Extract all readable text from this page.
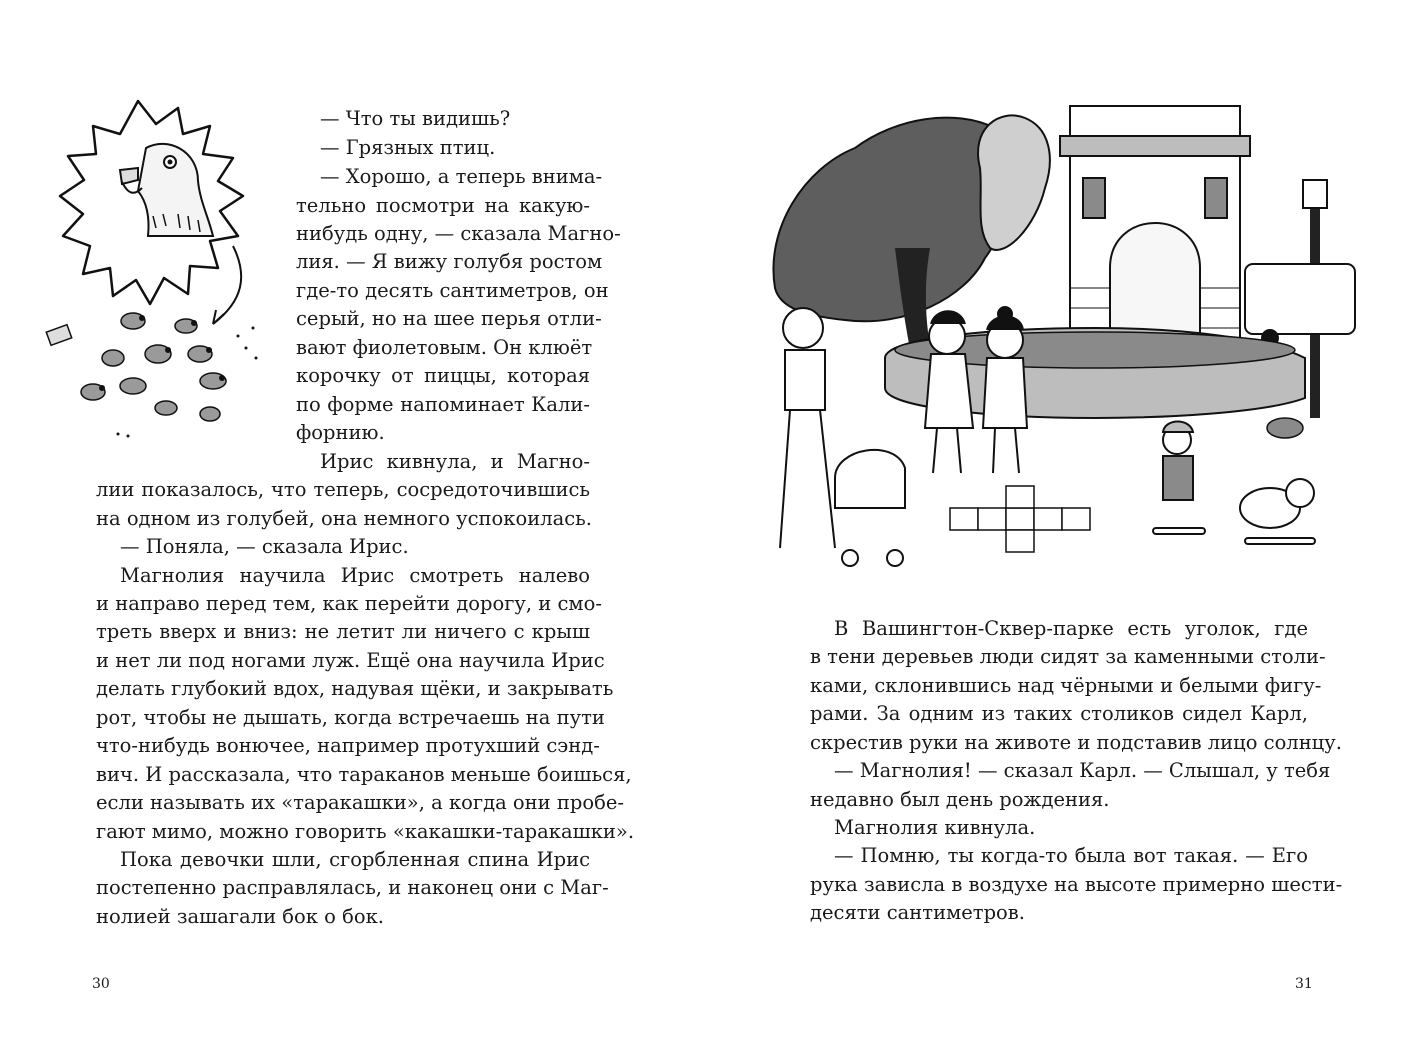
— Что ты видишь?
— Грязных птиц.
— Хорошо, а теперь внима-
тельно посмотри на какую-
нибудь одну, — сказала Магно-
лия. — Я вижу голубя ростом
где-то десять сантиметров, он
серый, но на шее перья отли-
вают фиолетовым. Он клюёт
корочку от пиццы, которая
по форме напоминает Кали-
форнию.
Ирис кивнула, и Магно-
лии показалось, что теперь, сосредоточившись
на одном из голубей, она немного успокоилась.
— Поняла, — сказала Ирис.
Магнолия научила Ирис смотреть налево
и направо перед тем, как перейти дорогу, и смо-
треть вверх и вниз: не летит ли ничего с крыш
и нет ли под ногами луж. Ещё она научила Ирис
делать глубокий вдох, надувая щёки, и закрывать
рот, чтобы не дышать, когда встречаешь на пути
что-нибудь вонючее, например протухший сэнд-
вич. И рассказала, что тараканов меньше боишься,
если называть их «таракашки», а когда они пробе-
гают мимо, можно говорить «какашки-таракашки».
Пока девочки шли, сгорбленная спина Ирис
постепенно расправлялась, и наконец они с Маг-
нолией зашагали бок о бок.
30
В Вашингтон-Сквер-парке есть уголок, где
в тени деревьев люди сидят за каменными столи-
ками, склонившись над чёрными и белыми фигу-
рами. За одним из таких столиков сидел Карл,
скрестив руки на животе и подставив лицо солнцу.
— Магнолия! — сказал Карл. — Слышал, у тебя
недавно был день рождения.
Магнолия кивнула.
— Помню, ты когда-то была вот такая. — Его
рука зависла в воздухе на высоте примерно шести-
десяти сантиметров.
31
